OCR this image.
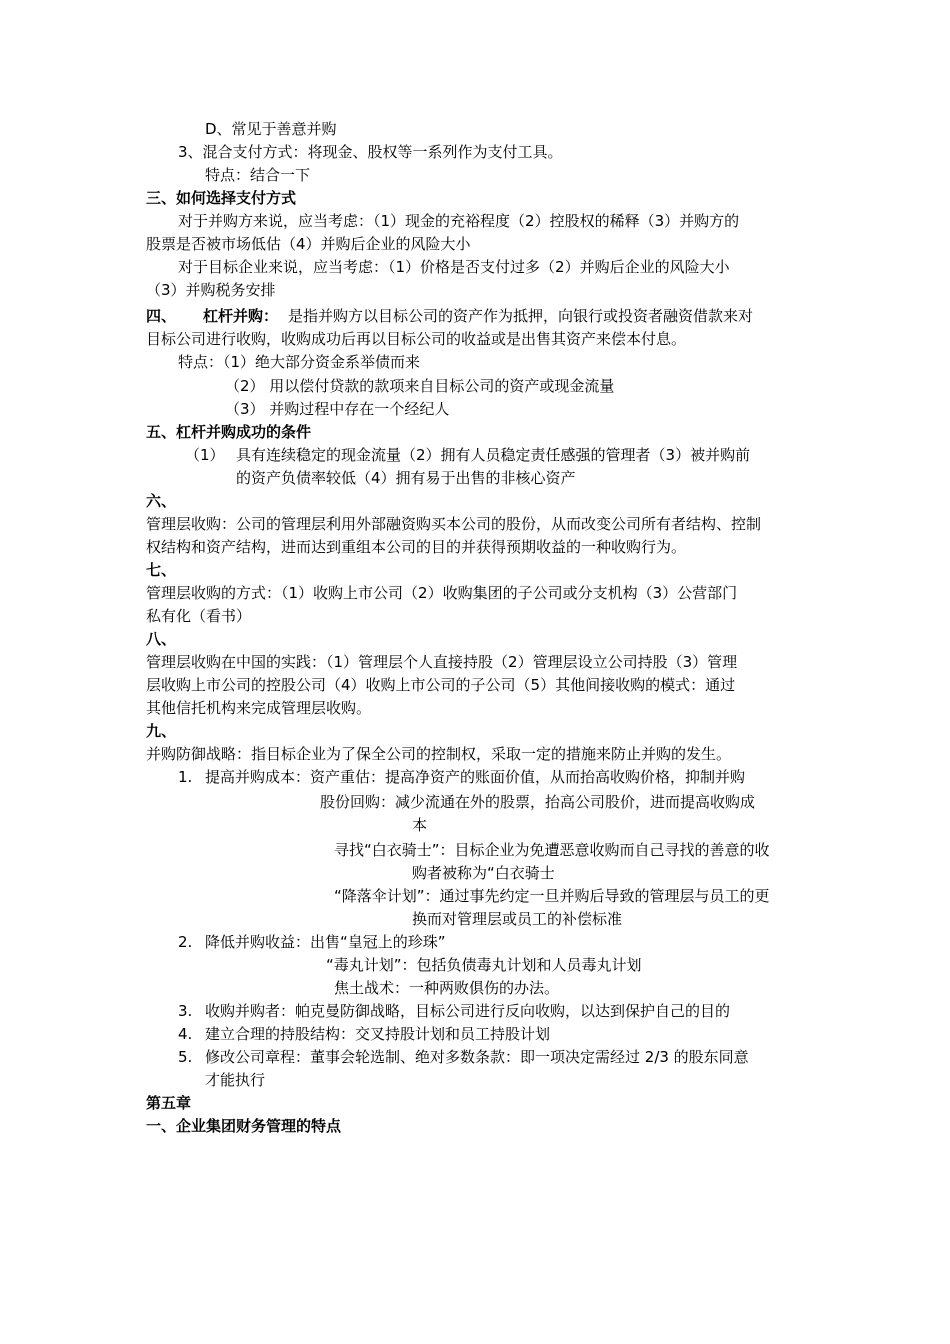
D、常见于善意并购
3、混合支付方式：将现金、股权等一系列作为支付工具。
特点：结合一下
三、如何选择支付方式
对于并购方来说，应当考虑：（1）现金的充裕程度（2）控股权的稀释（3）并购方的
股票是否被市场低估（4）并购后企业的风险大小
对于目标企业来说，应当考虑：（1）价格是否支付过多（2）并购后企业的风险大小
（3）并购税务安排
四、 杠杆并购： 是指并购方以目标公司的资产作为抵押，向银行或投资者融资借款来对
目标公司进行收购，收购成功后再以目标公司的收益或是出售其资产来偿本付息。
特点：（1）绝大部分资金系举债而来
（2） 用以偿付贷款的款项来自目标公司的资产或现金流量
（3） 并购过程中存在一个经纪人
五、杠杆并购成功的条件
（1） 具有连续稳定的现金流量（2）拥有人员稳定责任感强的管理者（3）被并购前
的资产负债率较低（4）拥有易于出售的非核心资产
六、
管理层收购：公司的管理层利用外部融资购买本公司的股份，从而改变公司所有者结构、控制
权结构和资产结构，进而达到重组本公司的目的并获得预期收益的一种收购行为。
七、
管理层收购的方式：（1）收购上市公司（2）收购集团的子公司或分支机构（3）公营部门
私有化（看书）
八、
管理层收购在中国的实践：（1）管理层个人直接持股（2）管理层设立公司持股（3）管理
层收购上市公司的控股公司（4）收购上市公司的子公司（5）其他间接收购的模式：通过
其他信托机构来完成管理层收购。
九、
并购防御战略：指目标企业为了保全公司的控制权，采取一定的措施来防止并购的发生。
1. 提高并购成本：资产重估：提高净资产的账面价值，从而抬高收购价格，抑制并购
股份回购：减少流通在外的股票，抬高公司股价，进而提高收购成
本
寻找“白衣骑士”：目标企业为免遭恶意收购而自己寻找的善意的收
购者被称为“白衣骑士
“降落伞计划”：通过事先约定一旦并购后导致的管理层与员工的更
换而对管理层或员工的补偿标准
2. 降低并购收益：出售“皇冠上的珍珠”
“毒丸计划”：包括负债毒丸计划和人员毒丸计划
焦土战术：一种两败俱伤的办法。
3. 收购并购者：帕克曼防御战略，目标公司进行反向收购，以达到保护自己的目的
4. 建立合理的持股结构：交叉持股计划和员工持股计划
5. 修改公司章程：董事会轮选制、绝对多数条款：即一项决定需经过 2/3 的股东同意
才能执行
第五章
一、企业集团财务管理的特点
